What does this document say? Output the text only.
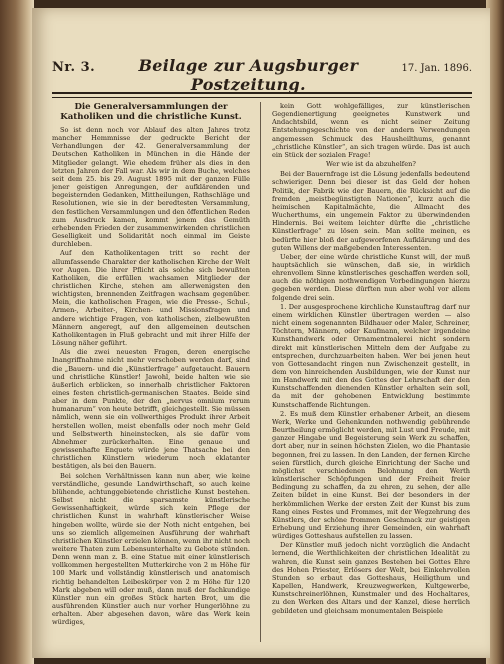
Nr. 3.	Beilage zur Augsburger Postzeitung.
17. Jan. 1896.
Die Generalversammlungen der Katholiken und die christliche Kunst.

So ist denn noch vor Ablauf des alten Jahres trotz mancher Hemmnisse der gedruckte Bericht der Verhandlungen der 42. Generalversammlung der Deutschen Katholiken in München in die Hände der Mitglieder gelangt. Wie ehedem früher als dies in den letzten Jahren der Fall war. Als wir in dem Buche, welches seit dem 25. bis 29. August 1895 mit der ganzen Fülle jener geistigen Anregungen, der aufklärenden und begeisternden Gedanken, Mittheilungen, Rathschläge und Resolutionen, wie sie in der beredtesten Versammlung, den festlichen Versammlungen und den öffentlichen Reden zum Ausdruck kamen, kommt jenem das Gemüth erhebenden Frieden der zusammenwirkenden christlichen Geselligkeit und Solidarität noch einmal im Geiste durchleben.

Auf den Katholikentagen tritt so recht der allumfassende Charakter der katholischen Kirche der Welt vor Augen. Die ihrer Pflicht als solche sich bewußten Katholiken, die erfüllen wachsamen Mitglieder der christlichen Kirche, stehen am allerwenigsten den wichtigsten, brennenden Zeitfragen wachsam gegenüber. Mein, die katholischen Fragen, wie die Presse-, Schul-, Armen-, Arbeiter-, Kirchen- und Missionsfragen und andere wichtige Fragen, von katholischen, zielbewußten Männern angeregt, auf den allgemeinen deutschen Katholikentagen in Fluß gebracht und mit ihrer Hilfe der Lösung näher geführt.

Als die zwei neuesten Fragen, deren energische Inangriffnahme nicht mehr verschoben werden darf, sind die „Bauern- und die „Künstlerfrage“ aufgetaucht. Bauern und christliche Künstler! Jawohl, beide halten wie sie äußerlich erblicken, so innerhalb christlicher Faktoren eines festen christlich-germanischen Staates. Beide sind aber in dem Punkte, der den „nervus omnium rerum humanarum“ von heute betrifft, gleichgestellt. Sie müssen nämlich, wenn sie ein vollwerthiges Produkt ihrer Arbeit herstellen wollen, meist ebenfalls oder noch mehr Geld und Selbstwerth hineinstecken, als sie dafür vom Abnehmer zurückerhalten. Eine genaue und gewissenhafte Enquete würde jene Thatsache bei den christlichen Künstlern wiederum noch eklatanter bestätigen, als bei den Bauern.

Bei solchen Verhältnissen kann nun aber, wie keine verständliche, gesunde Landwirthschaft, so auch keine blühende, achtunggebietende christliche Kunst bestehen. Selbst nicht die sparsamste künstlerische Gewissenhaftigkeit, würde sich kein Pflege der christlichen Kunst in wahrhaft künstlerischer Weise hingeben wollte, würde sie der Noth nicht entgehen, bei uns so ziemlich allgemeinen Ausführung der wahrhaft christlichen Künstler erzielen können, wenn ihr nicht noch weitere Thaten zum Lebensunterhalte zu Gebote stünden. Denn wenn man z. B. eine Statue mit einer künstlerisch vollkommen hergestellten Mutterkirche von 2 m Höhe für 100 Mark und vollständig künstlerisch und anatomisch richtig behandelten Leibeskörper von 2 m Höhe für 120 Mark abgeben will oder muß, dann muß der fachkundige Künstler nun ein großes Stück harten Brot, um die ausführenden Künstler auch nur vorher Hungerlöhne zu erhalten. Aber abgesehen davon, wäre das Werk kein würdiges,

kein Gott wohlgefälliges, zur künstlerischen Gegendienertigung geeignetes Kunstwerk und Andachtsbild, wenn es nicht seiner Zeitung Entstehungsgeschichte von der andern Verwendungen angemessen Schmuck des Hausheilthums, genannt „christliche Künstler“, an sich tragen würde. Das ist auch ein Stück der sozialen Frage!

Wer wie ist da abzuhelfen?

Bei der Bauernfrage ist die Lösung jedenfalls bedeutend schwieriger. Denn bei dieser ist das Geld der hohen Politik, der Fabrik wie der Bauern, die Rücksicht auf die fremden „meistbegünstigten Nationen“, kurz auch die heimischen Kapitalmächte, die Allmacht des Wucherthums, ein ungemein Faktor zu überwindenden Hindernis. Bei weitem leichter dürfte die „christliche Künstlerfrage“ zu lösen sein. Man sollte meinen, es bedürfte hier bloß der aufgeworfenen Aufklärung und des guten Willens der maßgebenden Interessenten.

Ueber, der eine würde christliche Kunst will, der muß hauptsächlich sie wünschen, daß sie, in wirklich ehrenvollem Sinne künstlerisches geschaffen werden soll, auch die nöthigen nothwendigen Vorbedingungen hierzu gegeben werden. Diese dürften nun aber wohl vor allem folgende drei sein.

1. Der ausgesprochene kirchliche Kunstauftrag darf nur einem wirklichen Künstler übertragen werden — also nicht einem sogenannten Bildhauer oder Maler, Schreiner, Töchtern, Männern, oder Kaufmann, welcher irgendeine Kunsthandwerk oder Ornamentmalerei nicht sondern direkt mit künstlerischen Mitteln dem der Aufgabe zu entsprechen, durchzuarbeiten haben. Wer bei jenen heut von Gottesandacht ringen nun Zwischenzeit gestellt, in dem von hinreichenden Ausbildungen, wie der Kunst nur im Handwerk mit den des Gottes der Lehrschaft der den Kunstschaffenden dienenden Künstler erhalten sein soll, da mit der gehobenen Entwicklung bestimmte Kunstschaffende Richtungen.

2. Es muß dem Künstler erhabener Arbeit, an diesem Werk, Werke und Gehenkunden nothwendig gebührende Beurtheilung ermöglicht werden, mit Lust und Freude, mit ganzer Hingabe und Begeisterung sein Werk zu schaffen, dort aber, nur in seinen höchsten Zielen, wo die Phantasie begonnen, frei zu lassen. In den Landen, der fernen Kirche seien fürstlich, durch gleiche Einrichtung der Sache und möglichst verschiedenen Belohnung den Werth künstlerischer Schöpfungen und der Freiheit freier Bedingung zu schaffen, da zu ehren, zu sehen, der alle Zeiten bildet in eine Kunst. Bei der besonders in der herkömmlichen Werke der ersten Zeit der Kunst bis zum Rang eines Festes und Frommes, mit der Wegzehrung des Künstlers, der schöne frommen Geschmack zur geistigen Erhebung und Erziehung ihrer Gemeinden, ein wahrhaft würdiges Gotteshaus aufstellen zu lassen.

Der Künstler muß jedoch nicht vorzüglich die Andacht lernend, die Werthlichkeiten der christlichen Idealität zu wahren, die Kunst sein ganzes Bestehen bei Gottes Ehre des Hohen Priester, Erlösers der Welt, bei Einkehrvollen Stunden so erbaut das Gotteshaus, Heiligthum und Kapellen, Handwerk, Kreuzwegwerken, Kultgewerbe, Kunstschreinerlöhnen, Kunstmaler und des Hochaltares, zu den Werken des Altars und der Kanzel, diese herrlich gebildeten und gleichsam monumentalen Beispiele
